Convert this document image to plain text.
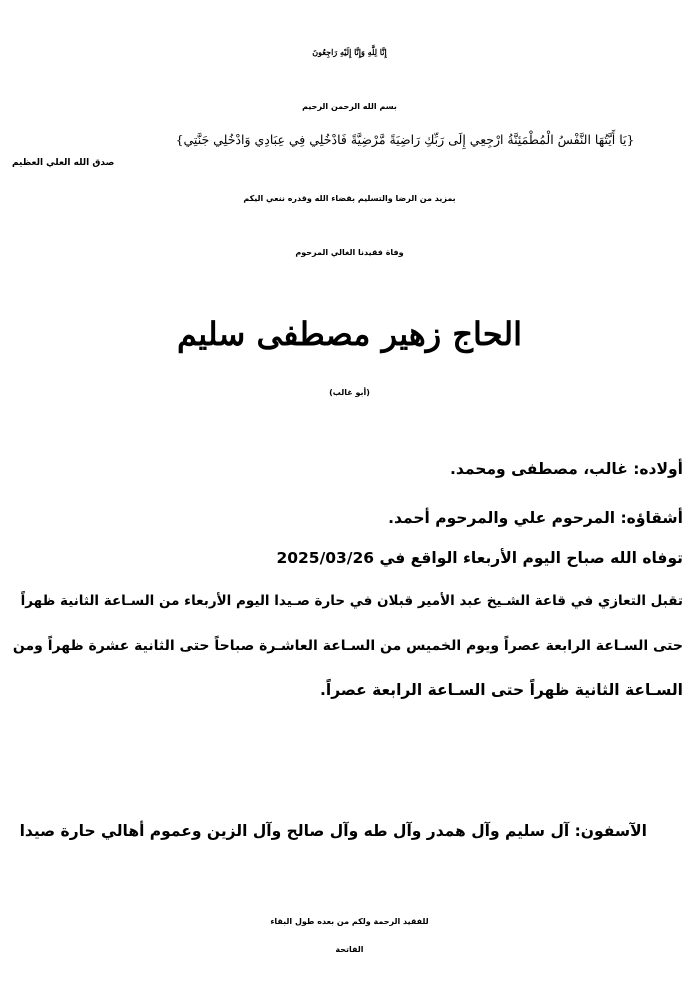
إِنَّا لِلَّهِ وَإِنَّا إِلَيْهِ رَاجِعُونَ
بسم الله الرحمن الرحيم
{يَا أَيَّتُهَا النَّفْسُ الْمُطْمَئِنَّةُ ارْجِعِي إِلَى رَبِّكِ رَاضِيَةً مَّرْضِيَّةً فَادْخُلِي فِي عِبَادِي وَادْخُلِي جَنَّتِي}
صدق الله العلي العظيم
بمزيد من الرضا والتسليم بقضاء الله وقدره ننعي اليكم
وفاة فقيدنا الغالي المرحوم
الحاج زهير مصطفى سليم
(أبو غالب)
أولاده: غالب، مصطفى ومحمد.
أشقاؤه: المرحوم علي والمرحوم أحمد.
توفاه الله صباح اليوم الأربعاء الواقع في 2025/03/26
تقبل التعازي في قاعة الشـيخ عبد الأمير قبلان في حارة صـيدا اليوم الأربعاء من السـاعة الثانية ظهراً
حتى السـاعة الرابعة عصراً ويوم الخميس من السـاعة العاشـرة صباحاً حتى الثانية عشرة ظهراً ومن
السـاعة الثانية ظهراً حتى السـاعة الرابعة عصراً.
الآسفون: آل سليم وآل همدر وآل طه وآل صالح وآل الزين وعموم أهالي حارة صيدا
للفقيد الرحمة ولكم من بعده طول البقاء
الفاتحة
